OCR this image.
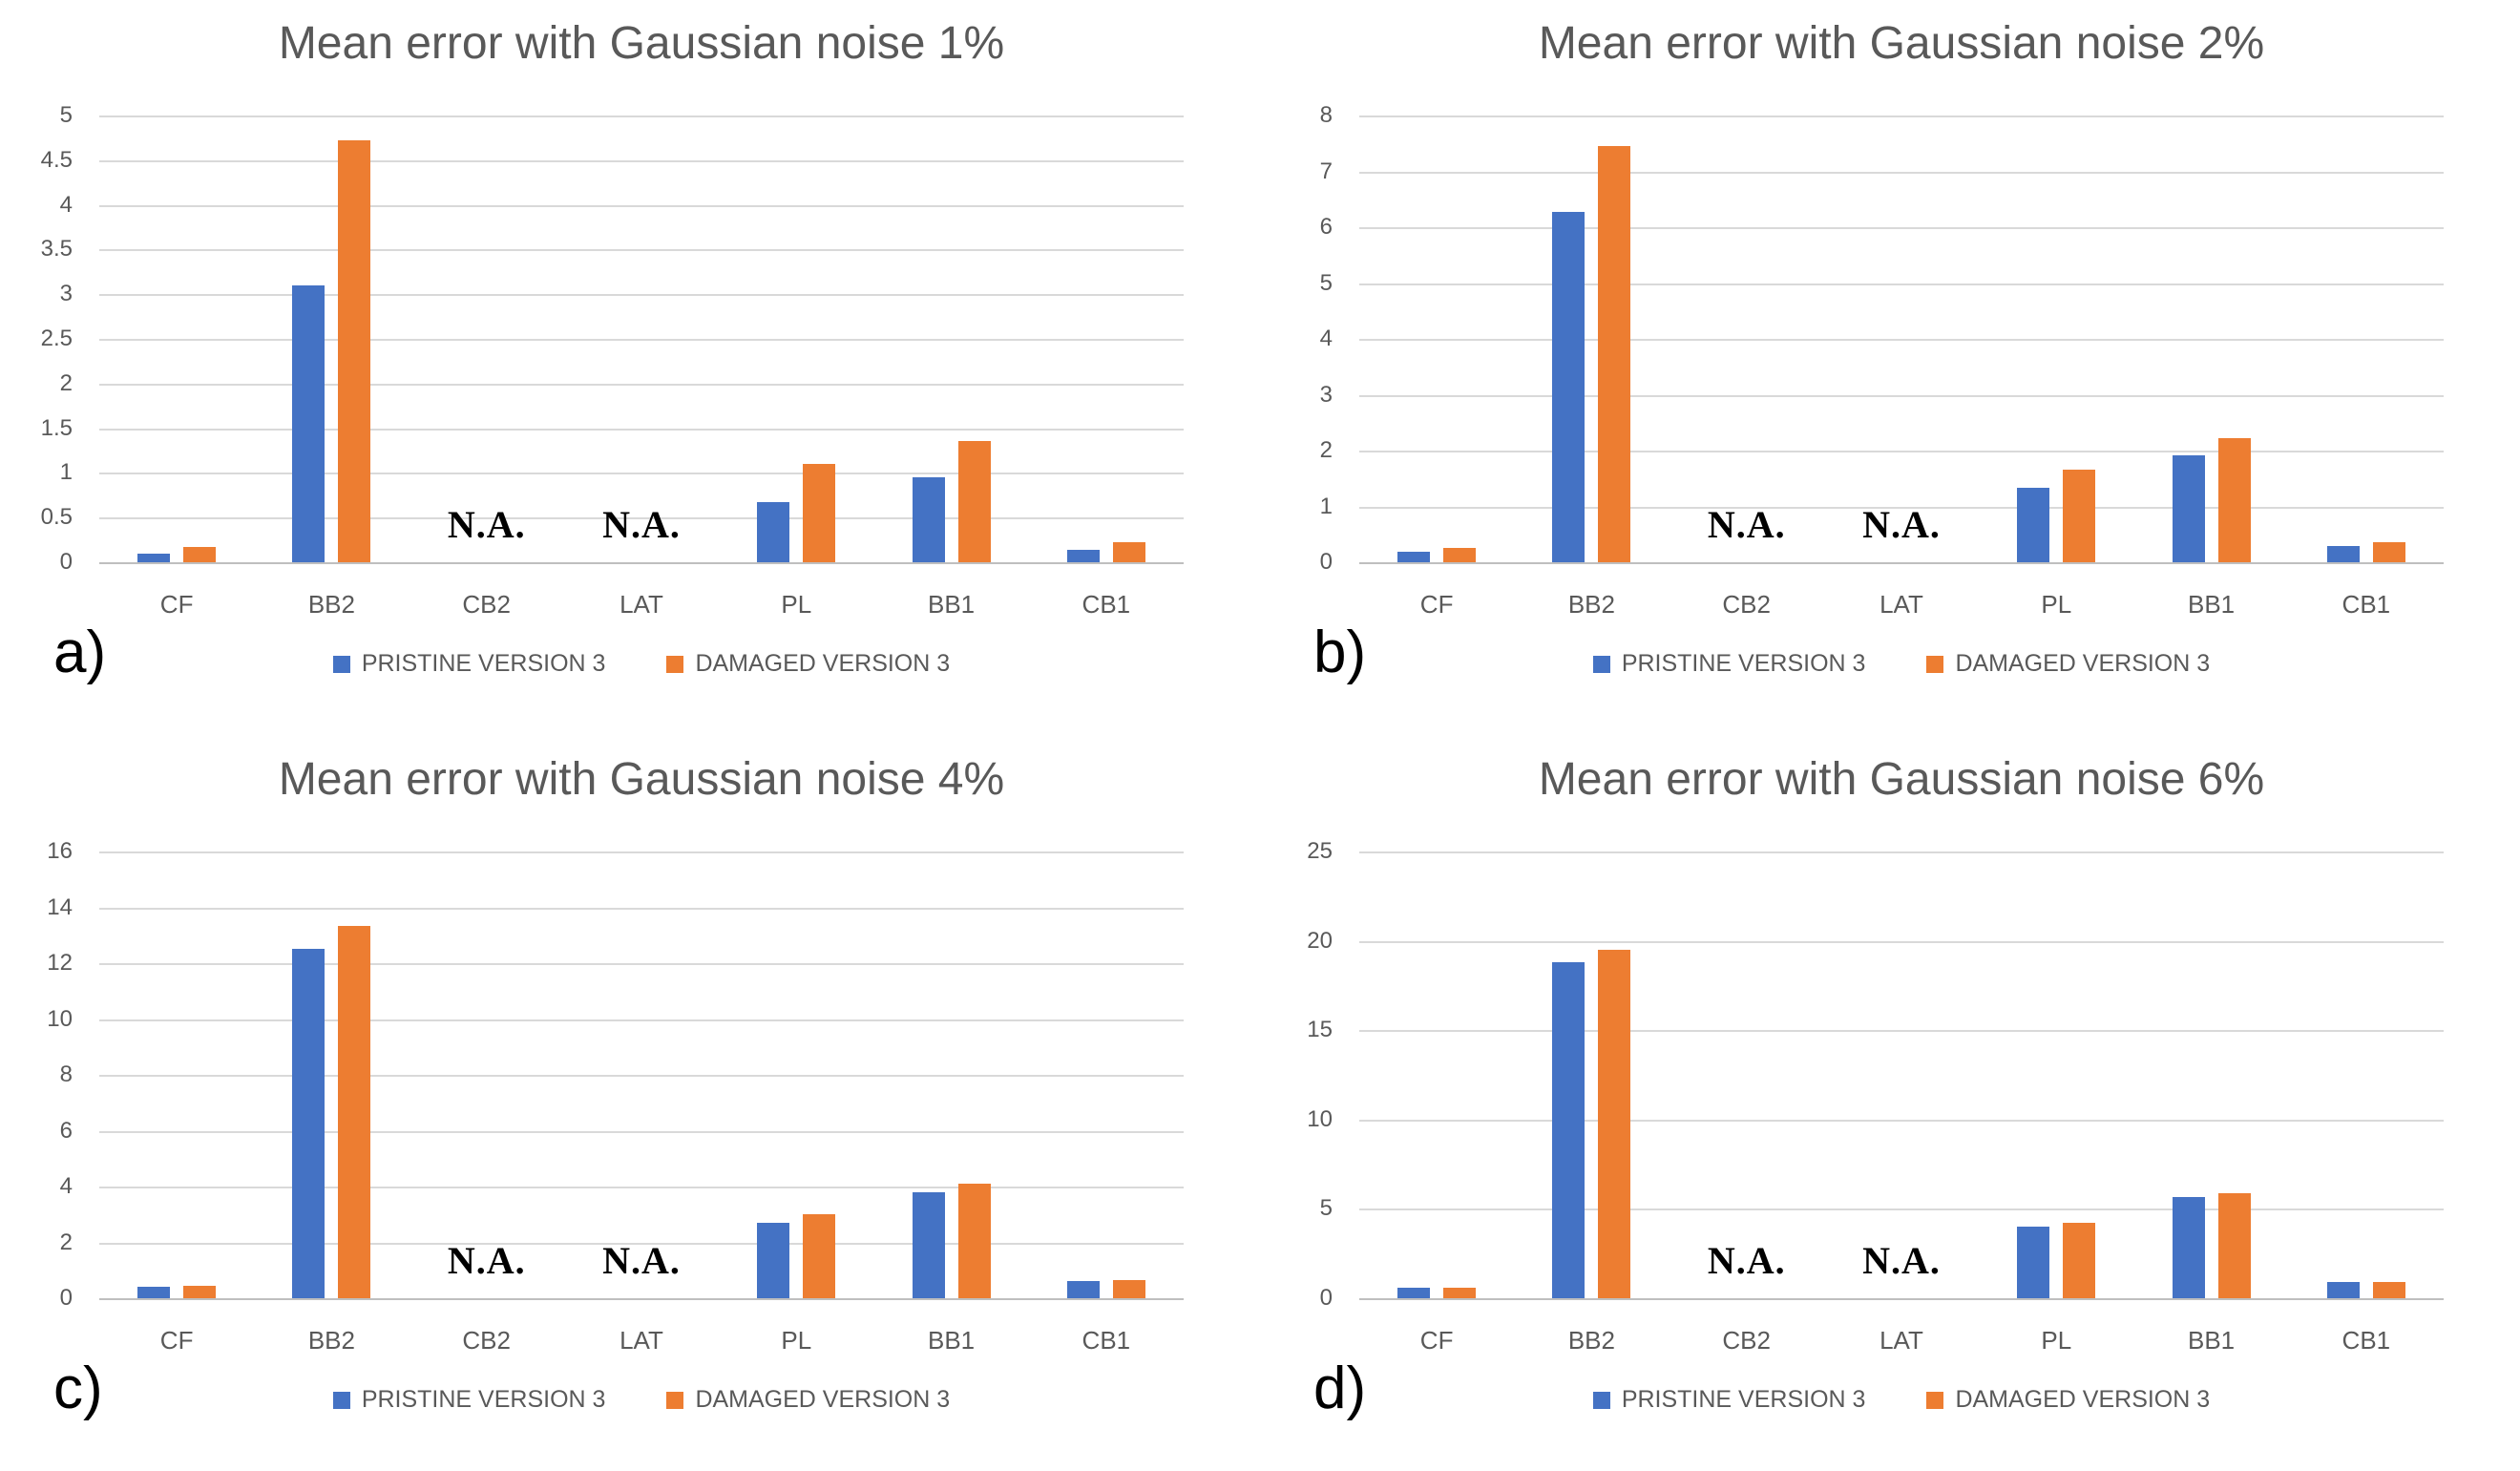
Mean error with Gaussian noise 1%
0
0.5
1
1.5
2
2.5
3
3.5
4
4.5
5
N.A.	N.A.
CF	BB2	CB2	LAT	PL	BB1	CB1
PRISTINE VERSION 3	DAMAGED VERSION 3
a)
Mean error with Gaussian noise 2%
0
1
2
3
4
5
6
7
8
N.A.	N.A.
CF	BB2	CB2	LAT	PL	BB1	CB1
PRISTINE VERSION 3	DAMAGED VERSION 3
b)
Mean error with Gaussian noise 4%
0
2
4
6
8
10
12
14
16
N.A.	N.A.
CF	BB2	CB2	LAT	PL	BB1	CB1
PRISTINE VERSION 3	DAMAGED VERSION 3
c)
Mean error with Gaussian noise 6%
0
5
10
15
20
25
N.A.	N.A.
CF	BB2	CB2	LAT	PL	BB1	CB1
PRISTINE VERSION 3	DAMAGED VERSION 3
d)
